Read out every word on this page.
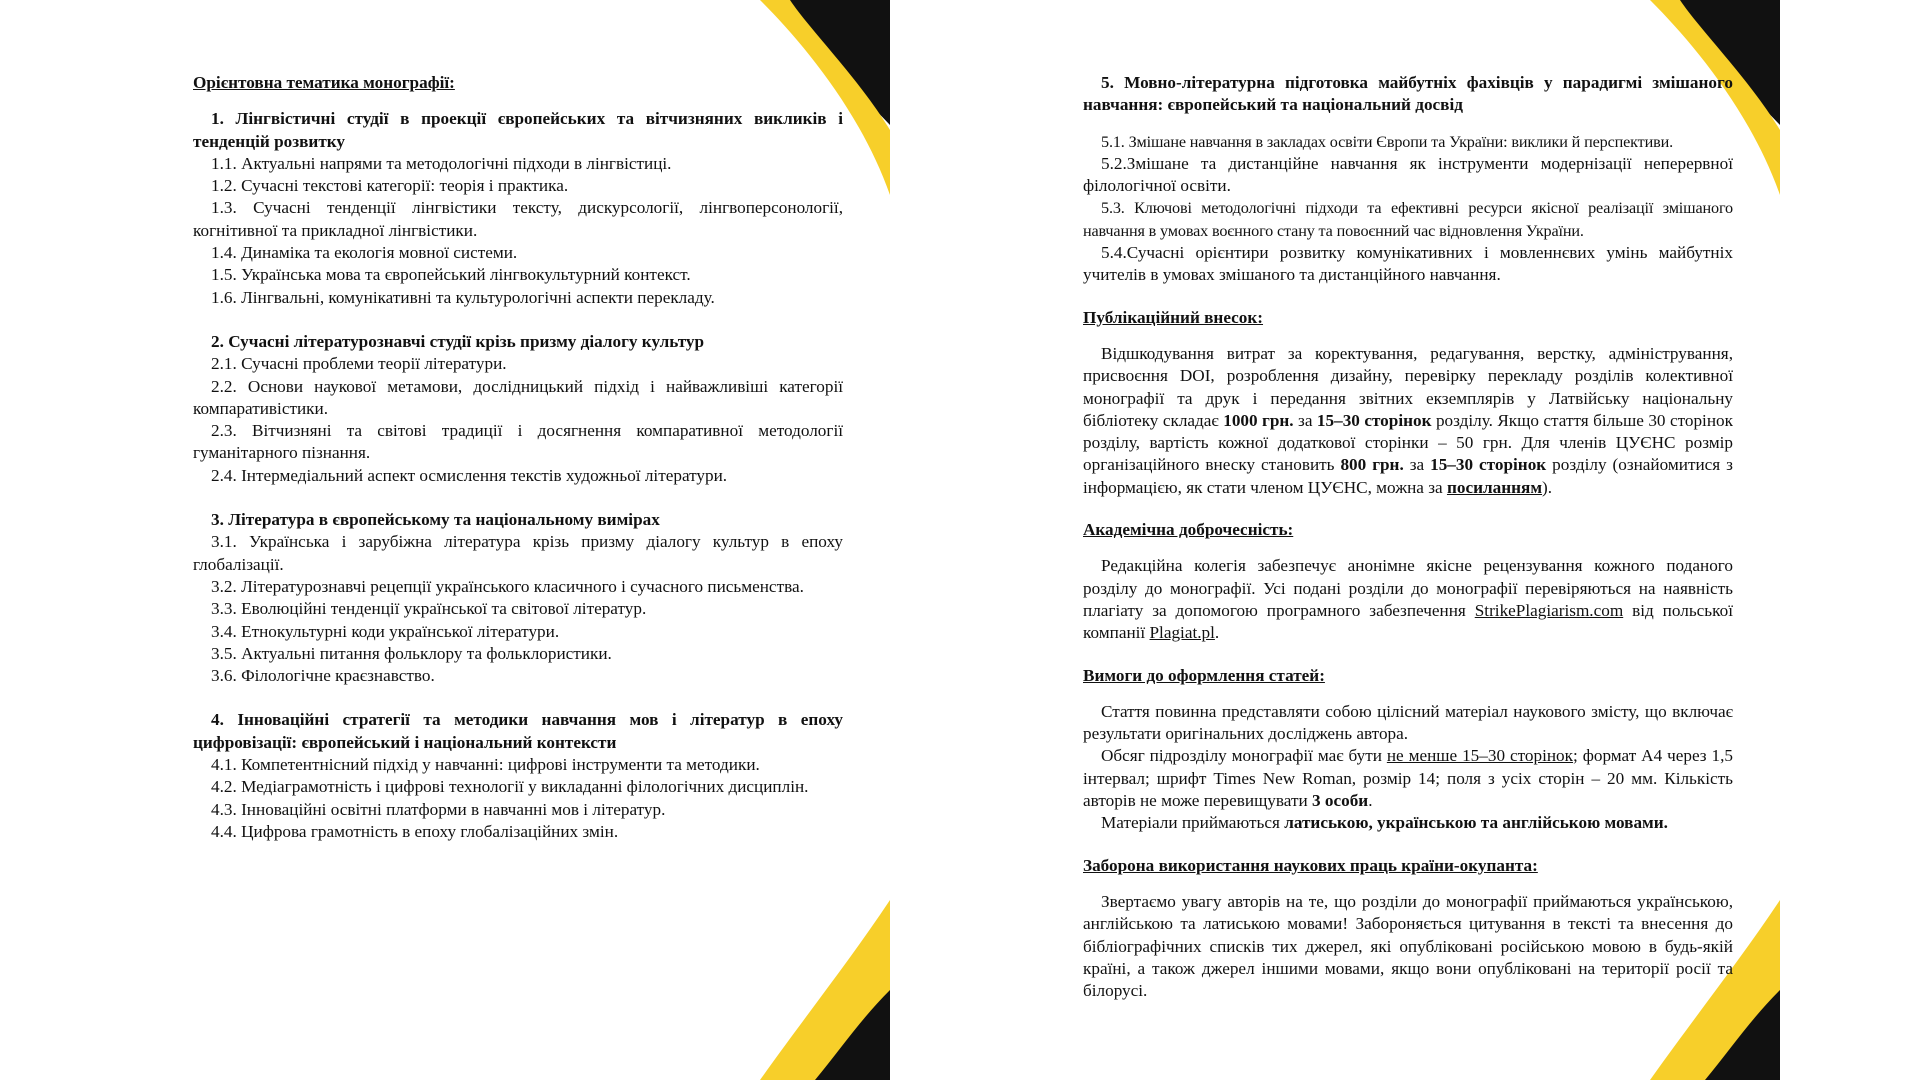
Орієнтовна тематика монографії:

1. Лінгвістичні студії в проекції європейських та вітчизняних викликів і тенденцій розвитку

1.1. Актуальні напрями та методологічні підходи в лінгвістиці.

1.2. Сучасні текстові категорії: теорія і практика.

1.3. Сучасні тенденції лінгвістики тексту, дискурсології, лінгвоперсонології, когнітивної та прикладної лінгвістики.

1.4. Динаміка та екологія мовної системи.

1.5. Українська мова та європейський лінгвокультурний контекст.

1.6. Лінгвальні, комунікативні та культурологічні аспекти перекладу.

2. Сучасні літературознавчі студії крізь призму діалогу культур

2.1. Сучасні проблеми теорії літератури.

2.2. Основи наукової метамови, дослідницький підхід і найважливіші категорії компаративістики.

2.3. Вітчизняні та світові традиції і досягнення компаративної методології гуманітарного пізнання.

2.4. Інтермедіальний аспект осмислення текстів художньої літератури.

3. Література в європейському та національному вимірах

3.1. Українська і зарубіжна література крізь призму діалогу культур в епоху глобалізації.

3.2. Літературознавчі рецепції українського класичного і сучасного письменства.

3.3. Еволюційні тенденції української та світової літератур.

3.4. Етнокультурні коди української літератури.

3.5. Актуальні питання фольклору та фольклористики.

3.6. Філологічне краєзнавство.

4. Інноваційні стратегії та методики навчання мов і літератур в епоху цифровізації: європейський і національний контексти

4.1. Компетентнісний підхід у навчанні: цифрові інструменти та методики.

4.2. Медіаграмотність і цифрові технології у викладанні філологічних дисциплін.

4.3. Інноваційні освітні платформи в навчанні мов і літератур.

4.4. Цифрова грамотність в епоху глобалізаційних змін.

5. Мовно-літературна підготовка майбутніх фахівців у парадигмі змішаного навчання: європейський та національний досвід

5.1. Змішане навчання в закладах освіти Європи та України: виклики й перспективи.

5.2.Змішане та дистанційне навчання як інструменти модернізації неперервної філологічної освіти.

5.3. Ключові методологічні підходи та ефективні ресурси якісної реалізації змішаного навчання в умовах воєнного стану та повоєнний час відновлення України.

5.4.Сучасні орієнтири розвитку комунікативних і мовленнєвих умінь майбутніх учителів в умовах змішаного та дистанційного навчання.

Публікаційний внесок:

Відшкодування витрат за коректування, редагування, верстку, адміністрування, присвоєння DOI, розроблення дизайну, перевірку перекладу розділів колективної монографії та друк і передання звітних екземплярів у Латвійську національну бібліотеку складає 1000 грн. за 15–30 сторінок розділу. Якщо стаття більше 30 сторінок розділу, вартість кожної додаткової сторінки – 50 грн. Для членів ЦУЄНС розмір організаційного внеску становить 800 грн. за 15–30 сторінок розділу (ознайомитися з інформацією, як стати членом ЦУЄНС, можна за посиланням).

Академічна доброчесність:

Редакційна колегія забезпечує анонімне якісне рецензування кожного поданого розділу до монографії. Усі подані розділи до монографії перевіряються на наявність плагіату за допомогою програмного забезпечення StrikePlagiarism.com від польської компанії Plagiat.pl.

Вимоги до оформлення статей:

Стаття повинна представляти собою цілісний матеріал наукового змісту, що включає результати оригінальних досліджень автора.

Обсяг підрозділу монографії має бути не менше 15–30 сторінок; формат А4 через 1,5 інтервал; шрифт Times New Roman, розмір 14; поля з усіх сторін – 20 мм. Кількість авторів не може перевищувати 3 особи.

Матеріали приймаються латиською, українською та англійською мовами.

Заборона використання наукових праць країни-окупанта:

Звертаємо увагу авторів на те, що розділи до монографії приймаються українською, англійською та латиською мовами! Забороняється цитування в тексті та внесення до бібліографічних списків тих джерел, які опубліковані російською мовою в будь-якій країні, а також джерел іншими мовами, якщо вони опубліковані на території росії та білорусі.
